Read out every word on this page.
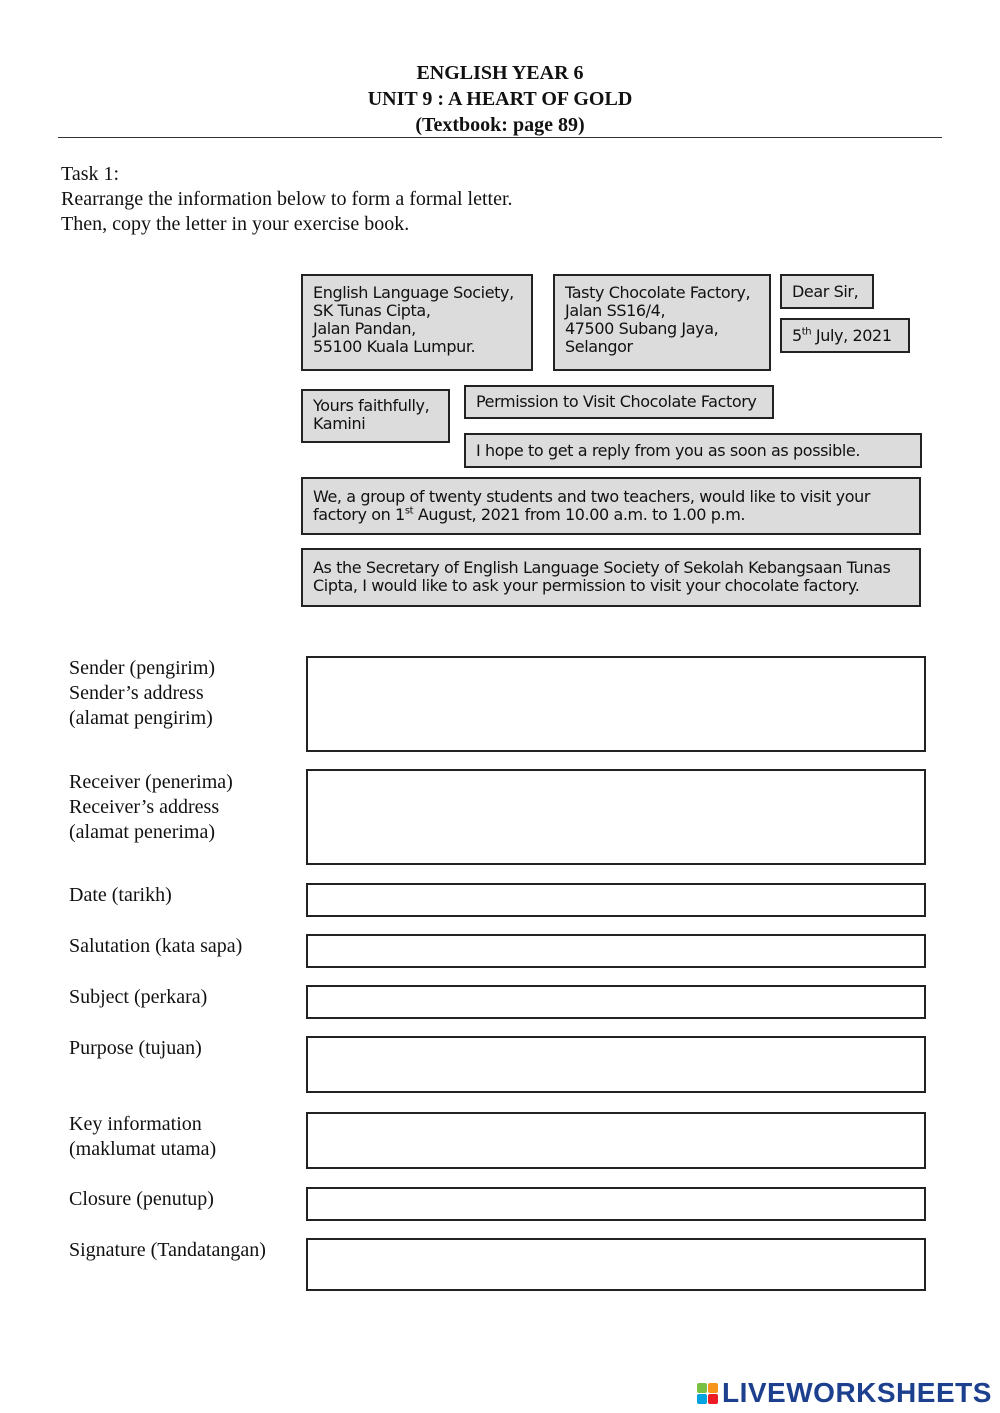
ENGLISH YEAR 6
UNIT 9 : A HEART OF GOLD
(Textbook: page 89)
Task 1:
Rearrange the information below to form a formal letter.
Then, copy the letter in your exercise book.
English Language Society,
SK Tunas Cipta,
Jalan Pandan,
55100 Kuala Lumpur.
Tasty Chocolate Factory,
Jalan SS16/4,
47500 Subang Jaya,
Selangor
Dear Sir,
5th July, 2021
Yours faithfully,
Kamini
Permission to Visit Chocolate Factory
I hope to get a reply from you as soon as possible.
We, a group of twenty students and two teachers, would like to visit your
factory on 1st August, 2021 from 10.00 a.m. to 1.00 p.m.
As the Secretary of English Language Society of Sekolah Kebangsaan Tunas
Cipta, I would like to ask your permission to visit your chocolate factory.
Sender (pengirim)
Sender’s address
(alamat pengirim)
Receiver (penerima)
Receiver’s address
(alamat penerima)
Date (tarikh)
Salutation (kata sapa)
Subject (perkara)
Purpose (tujuan)
Key information
(maklumat utama)
Closure (penutup)
Signature (Tandatangan)
LIVEWORKSHEETS
